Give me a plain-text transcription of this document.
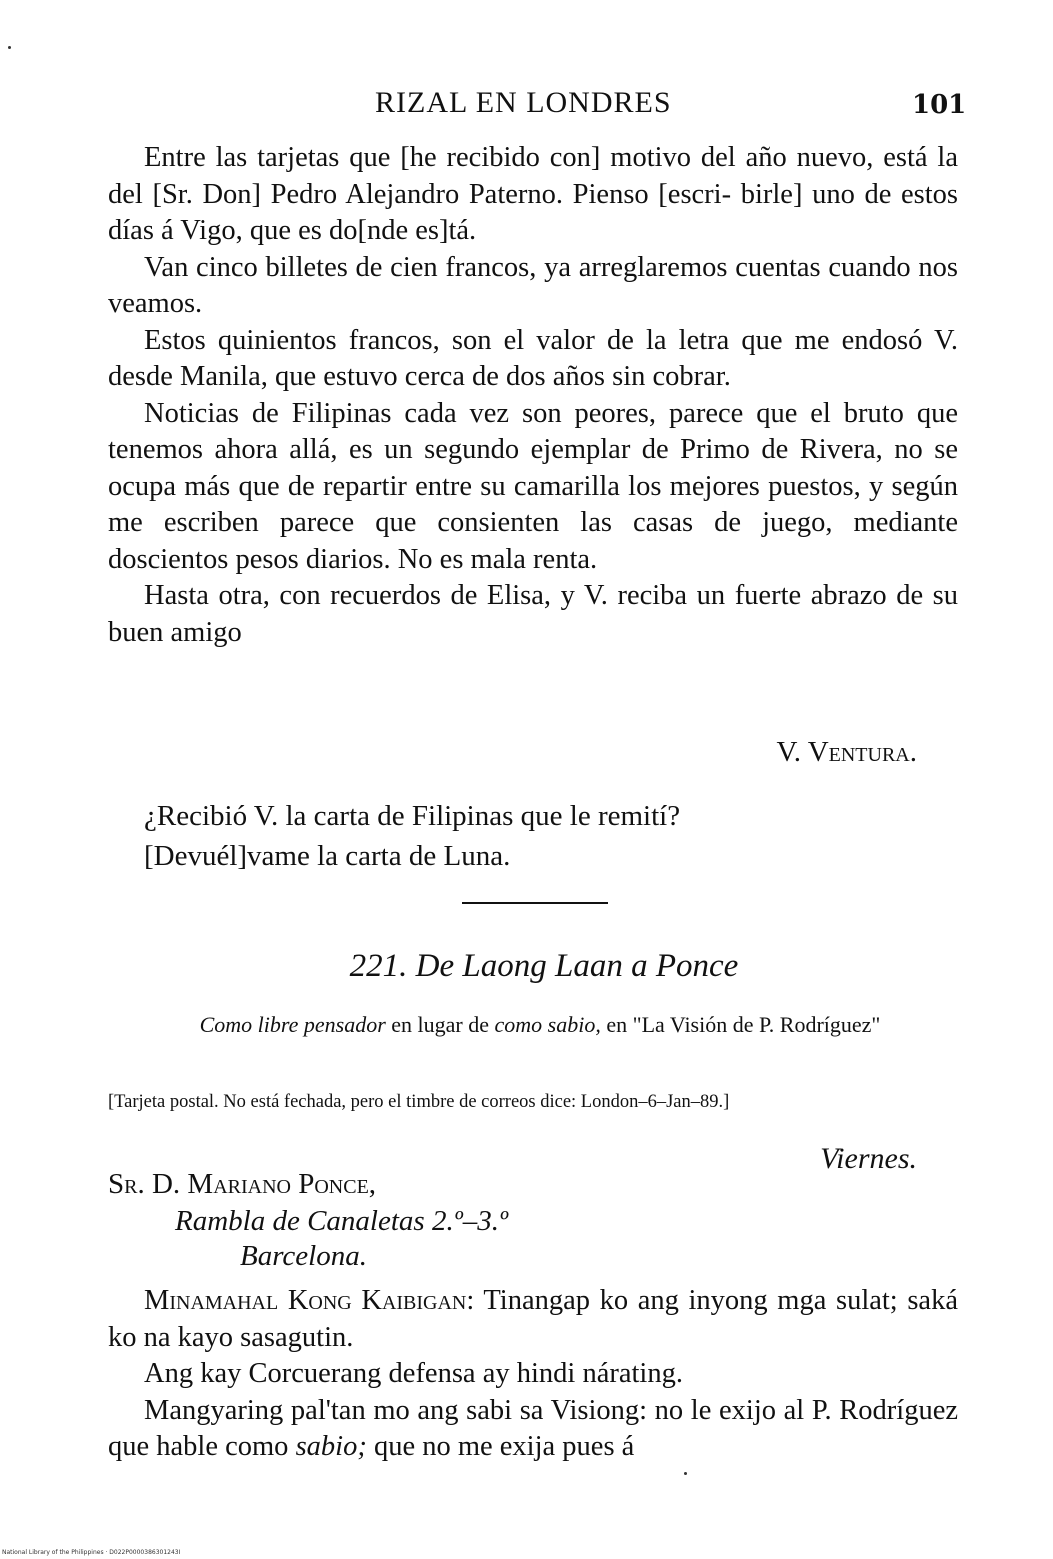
RIZAL EN LONDRES	101

Entre las tarjetas que [he recibido con] motivo del año nuevo, está la del [Sr. Don] Pedro Alejandro Paterno. Pienso [escri- birle] uno de estos días á Vigo, que es do[nde es]tá.

Van cinco billetes de cien francos, ya arreglaremos cuentas cuando nos veamos.

Estos quinientos francos, son el valor de la letra que me endosó V. desde Manila, que estuvo cerca de dos años sin cobrar.

Noticias de Filipinas cada vez son peores, parece que el bruto que tenemos ahora allá, es un segundo ejemplar de Primo de Rivera, no se ocupa más que de repartir entre su camarilla los mejores puestos, y según me escriben parece que consienten las casas de juego, mediante doscientos pesos diarios. No es mala renta.

Hasta otra, con recuerdos de Elisa, y V. reciba un fuerte abrazo de su buen amigo

V. Ventura.
¿Recibió V. la carta de Filipinas que le remití?
[Devuél]vame la carta de Luna.
221. De Laong Laan a Ponce
Como libre pensador en lugar de como sabio, en "La Visión de P. Rodríguez"
[Tarjeta postal. No está fechada, pero el timbre de correos dice: London–6–Jan–89.]
Viernes.
Sr. D. Mariano Ponce,
Rambla de Canaletas 2.º–3.º
Barcelona.

Minamahal Kong Kaibigan: Tinangap ko ang inyong mga sulat; saká ko na kayo sasagutin.

Ang kay Corcuerang defensa ay hindi nárating.

Mangyaring pal'tan mo ang sabi sa Visiong: no le exijo al P. Rodríguez que hable como sabio; que no me exija pues á

National Library of the Philippines · D022P0000386301243I
